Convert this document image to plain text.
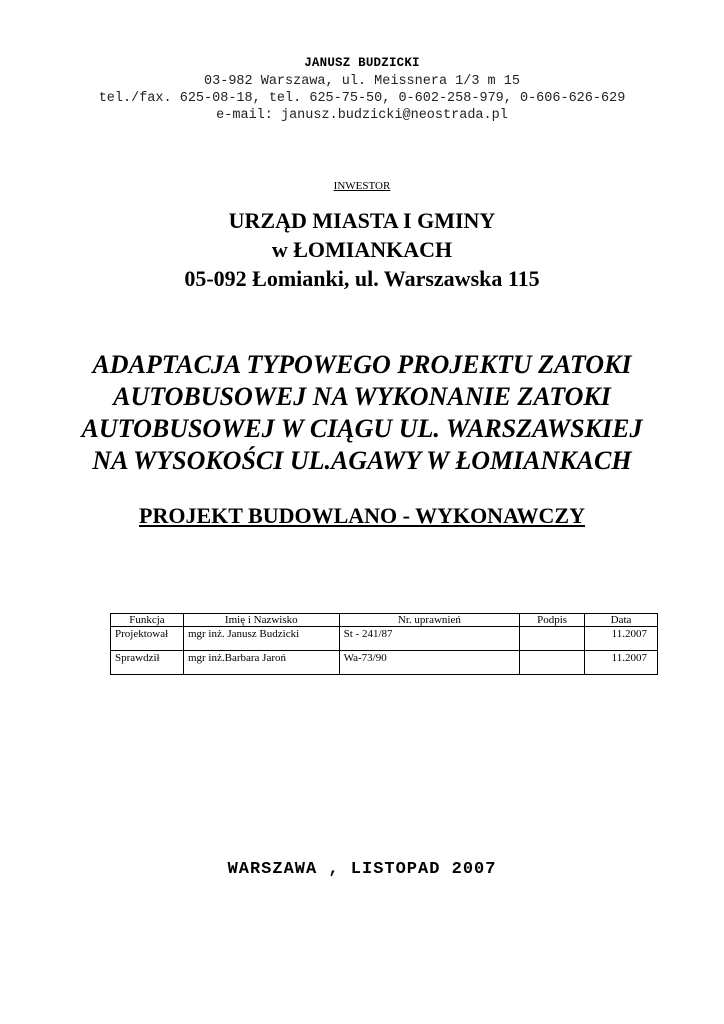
JANUSZ BUDZICKI
03-982 Warszawa, ul. Meissnera 1/3 m 15
tel./fax. 625-08-18, tel. 625-75-50, 0-602-258-979, 0-606-626-629
e-mail: janusz.budzicki@neostrada.pl
INWESTOR
URZĄD MIASTA I GMINY
w ŁOMIANKACH
05-092 Łomianki, ul. Warszawska 115
ADAPTACJA TYPOWEGO PROJEKTU ZATOKI
AUTOBUSOWEJ NA WYKONANIE ZATOKI
AUTOBUSOWEJ W CIĄGU UL. WARSZAWSKIEJ
NA WYSOKOŚCI UL.AGAWY W ŁOMIANKACH
PROJEKT BUDOWLANO - WYKONAWCZY
Funkcja	Imię i Nazwisko	Nr. uprawnień	Podpis	Data
Projektował	mgr inż. Janusz Budzicki	St - 241/87		11.2007
Sprawdził	mgr inż.Barbara Jaroń	Wa-73/90		11.2007
WARSZAWA , LISTOPAD 2007
